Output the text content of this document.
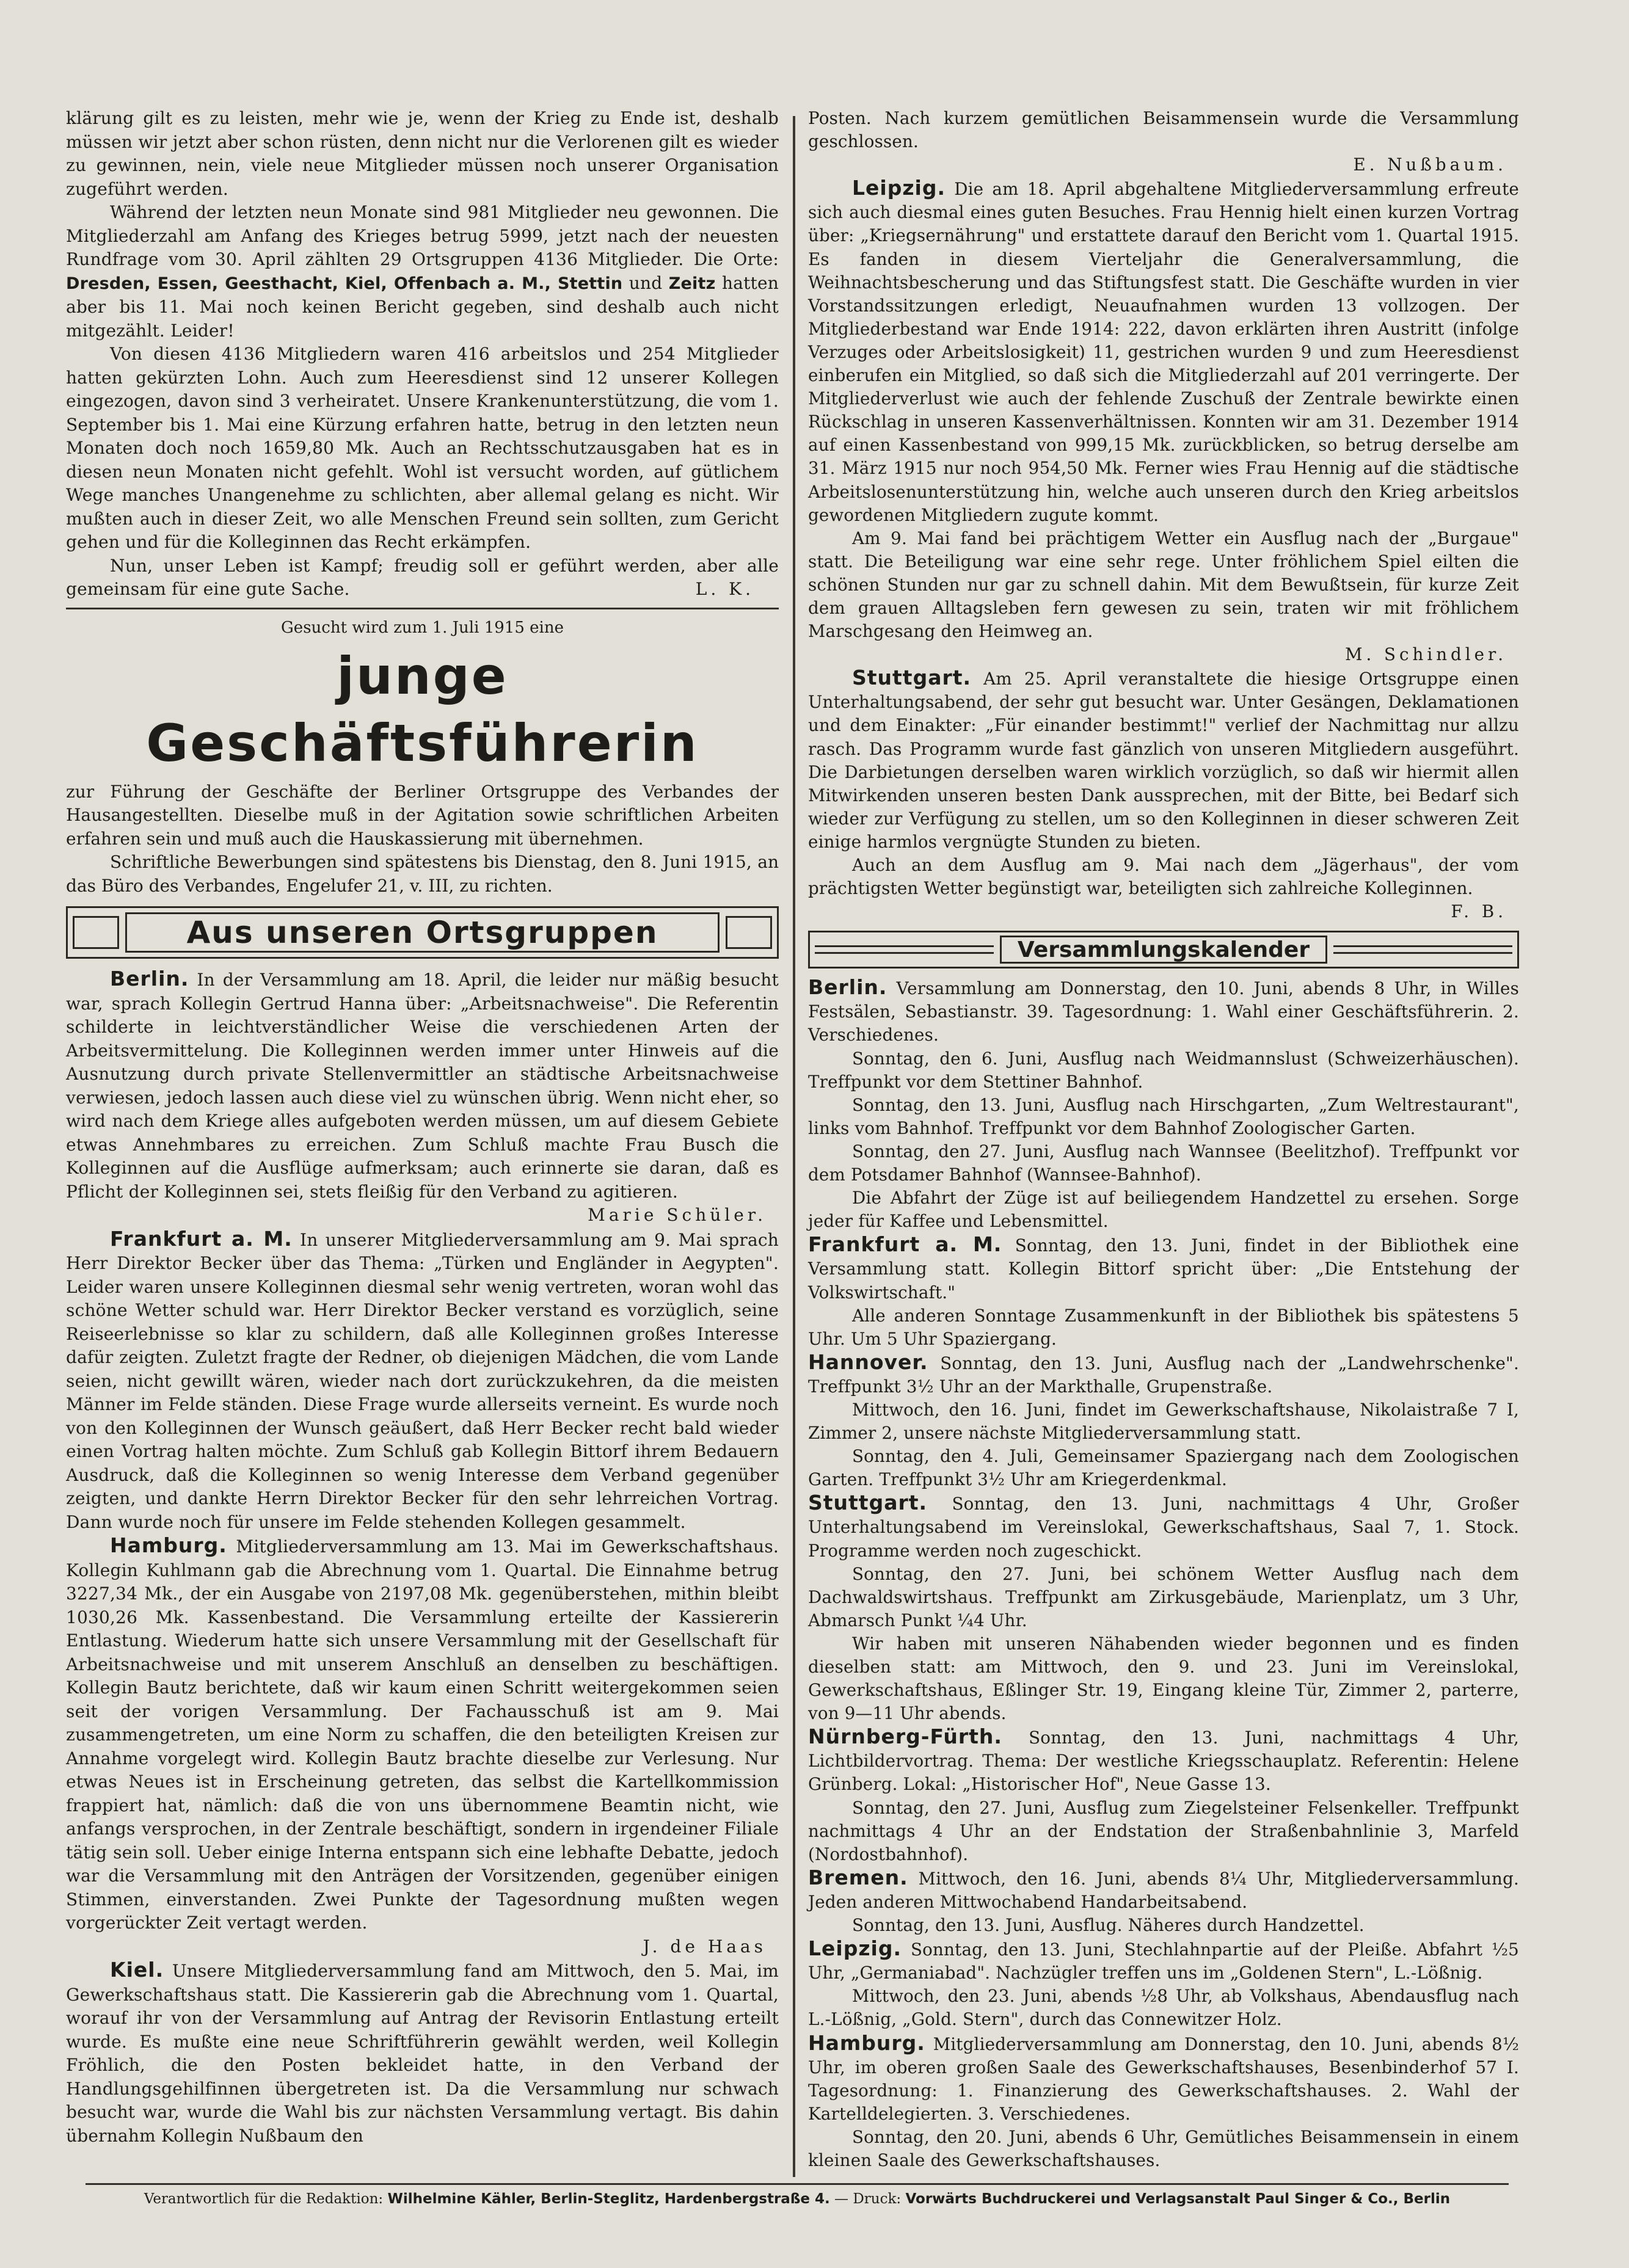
klärung gilt es zu leisten, mehr wie je, wenn der Krieg zu Ende ist, deshalb müssen wir jetzt aber schon rüsten, denn nicht nur die Verlorenen gilt es wieder zu gewinnen, nein, viele neue Mitglieder müssen noch unserer Organisation zugeführt werden.

Während der letzten neun Monate sind 981 Mitglieder neu gewonnen. Die Mitgliederzahl am Anfang des Krieges betrug 5999, jetzt nach der neuesten Rundfrage vom 30. April zählten 29 Ortsgruppen 4136 Mitglieder. Die Orte: Dresden, Essen, Geesthacht, Kiel, Offenbach a. M., Stettin und Zeitz hatten aber bis 11. Mai noch keinen Bericht gegeben, sind deshalb auch nicht mitgezählt. Leider!

Von diesen 4136 Mitgliedern waren 416 arbeitslos und 254 Mitglieder hatten gekürzten Lohn. Auch zum Heeresdienst sind 12 unserer Kollegen eingezogen, davon sind 3 verheiratet. Unsere Krankenunterstützung, die vom 1. September bis 1. Mai eine Kürzung erfahren hatte, betrug in den letzten neun Monaten doch noch 1659,80 Mk. Auch an Rechtsschutzausgaben hat es in diesen neun Monaten nicht gefehlt. Wohl ist versucht worden, auf gütlichem Wege manches Unangenehme zu schlichten, aber allemal gelang es nicht. Wir mußten auch in dieser Zeit, wo alle Menschen Freund sein sollten, zum Gericht gehen und für die Kolleginnen das Recht erkämpfen.

Nun, unser Leben ist Kampf; freudig soll er geführt werden, aber alle gemeinsam für eine gute Sache.	L. K.

Gesucht wird zum 1. Juli 1915 eine
junge Geschäftsführerin

zur Führung der Geschäfte der Berliner Ortsgruppe des Verbandes der Hausangestellten. Dieselbe muß in der Agitation sowie schriftlichen Arbeiten erfahren sein und muß auch die Hauskassierung mit übernehmen.

Schriftliche Bewerbungen sind spätestens bis Dienstag, den 8. Juni 1915, an das Büro des Verbandes, Engelufer 21, v. III, zu richten.

Aus unseren Ortsgruppen

Berlin. In der Versammlung am 18. April, die leider nur mäßig besucht war, sprach Kollegin Gertrud Hanna über: „Arbeitsnachweise". Die Referentin schilderte in leichtverständlicher Weise die verschiedenen Arten der Arbeitsvermittelung. Die Kolleginnen werden immer unter Hinweis auf die Ausnutzung durch private Stellenvermittler an städtische Arbeitsnachweise verwiesen, jedoch lassen auch diese viel zu wünschen übrig. Wenn nicht eher, so wird nach dem Kriege alles aufgeboten werden müssen, um auf diesem Gebiete etwas Annehmbares zu erreichen. Zum Schluß machte Frau Busch die Kolleginnen auf die Ausflüge aufmerksam; auch erinnerte sie daran, daß es Pflicht der Kolleginnen sei, stets fleißig für den Verband zu agitieren.

Marie Schüler.

Frankfurt a. M. In unserer Mitgliederversammlung am 9. Mai sprach Herr Direktor Becker über das Thema: „Türken und Engländer in Aegypten". Leider waren unsere Kolleginnen diesmal sehr wenig vertreten, woran wohl das schöne Wetter schuld war. Herr Direktor Becker verstand es vorzüglich, seine Reiseerlebnisse so klar zu schildern, daß alle Kolleginnen großes Interesse dafür zeigten. Zuletzt fragte der Redner, ob diejenigen Mädchen, die vom Lande seien, nicht gewillt wären, wieder nach dort zurückzukehren, da die meisten Männer im Felde ständen. Diese Frage wurde allerseits verneint. Es wurde noch von den Kolleginnen der Wunsch geäußert, daß Herr Becker recht bald wieder einen Vortrag halten möchte. Zum Schluß gab Kollegin Bittorf ihrem Bedauern Ausdruck, daß die Kolleginnen so wenig Interesse dem Verband gegenüber zeigten, und dankte Herrn Direktor Becker für den sehr lehrreichen Vortrag. Dann wurde noch für unsere im Felde stehenden Kollegen gesammelt.

Hamburg. Mitgliederversammlung am 13. Mai im Gewerkschaftshaus. Kollegin Kuhlmann gab die Abrechnung vom 1. Quartal. Die Einnahme betrug 3227,34 Mk., der ein Ausgabe von 2197,08 Mk. gegenüberstehen, mithin bleibt 1030,26 Mk. Kassenbestand. Die Versammlung erteilte der Kassiererin Entlastung. Wiederum hatte sich unsere Versammlung mit der Gesellschaft für Arbeitsnachweise und mit unserem Anschluß an denselben zu beschäftigen. Kollegin Bautz berichtete, daß wir kaum einen Schritt weitergekommen seien seit der vorigen Versammlung. Der Fachausschuß ist am 9. Mai zusammengetreten, um eine Norm zu schaffen, die den beteiligten Kreisen zur Annahme vorgelegt wird. Kollegin Bautz brachte dieselbe zur Verlesung. Nur etwas Neues ist in Erscheinung getreten, das selbst die Kartellkommission frappiert hat, nämlich: daß die von uns übernommene Beamtin nicht, wie anfangs versprochen, in der Zentrale beschäftigt, sondern in irgendeiner Filiale tätig sein soll. Ueber einige Interna entspann sich eine lebhafte Debatte, jedoch war die Versammlung mit den Anträgen der Vorsitzenden, gegenüber einigen Stimmen, einverstanden. Zwei Punkte der Tagesordnung mußten wegen vorgerückter Zeit vertagt werden.

J. de Haas

Kiel. Unsere Mitgliederversammlung fand am Mittwoch, den 5. Mai, im Gewerkschaftshaus statt. Die Kassiererin gab die Abrechnung vom 1. Quartal, worauf ihr von der Versammlung auf Antrag der Revisorin Entlastung erteilt wurde. Es mußte eine neue Schriftführerin gewählt werden, weil Kollegin Fröhlich, die den Posten bekleidet hatte, in den Verband der Handlungsgehilfinnen übergetreten ist. Da die Versammlung nur schwach besucht war, wurde die Wahl bis zur nächsten Versammlung vertagt. Bis dahin übernahm Kollegin Nußbaum den

Posten. Nach kurzem gemütlichen Beisammensein wurde die Versammlung geschlossen.

E. Nußbaum.

Leipzig. Die am 18. April abgehaltene Mitgliederversammlung erfreute sich auch diesmal eines guten Besuches. Frau Hennig hielt einen kurzen Vortrag über: „Kriegsernährung" und erstattete darauf den Bericht vom 1. Quartal 1915. Es fanden in diesem Vierteljahr die Generalversammlung, die Weihnachtsbescherung und das Stiftungsfest statt. Die Geschäfte wurden in vier Vorstandssitzungen erledigt, Neuaufnahmen wurden 13 vollzogen. Der Mitgliederbestand war Ende 1914: 222, davon erklärten ihren Austritt (infolge Verzuges oder Arbeitslosigkeit) 11, gestrichen wurden 9 und zum Heeresdienst einberufen ein Mitglied, so daß sich die Mitgliederzahl auf 201 verringerte. Der Mitgliederverlust wie auch der fehlende Zuschuß der Zentrale bewirkte einen Rückschlag in unseren Kassenverhältnissen. Konnten wir am 31. Dezember 1914 auf einen Kassenbestand von 999,15 Mk. zurückblicken, so betrug derselbe am 31. März 1915 nur noch 954,50 Mk. Ferner wies Frau Hennig auf die städtische Arbeitslosenunterstützung hin, welche auch unseren durch den Krieg arbeitslos gewordenen Mitgliedern zugute kommt.

Am 9. Mai fand bei prächtigem Wetter ein Ausflug nach der „Burgaue" statt. Die Beteiligung war eine sehr rege. Unter fröhlichem Spiel eilten die schönen Stunden nur gar zu schnell dahin. Mit dem Bewußtsein, für kurze Zeit dem grauen Alltagsleben fern gewesen zu sein, traten wir mit fröhlichem Marschgesang den Heimweg an.

M. Schindler.

Stuttgart. Am 25. April veranstaltete die hiesige Ortsgruppe einen Unterhaltungsabend, der sehr gut besucht war. Unter Gesängen, Deklamationen und dem Einakter: „Für einander bestimmt!" verlief der Nachmittag nur allzu rasch. Das Programm wurde fast gänzlich von unseren Mitgliedern ausgeführt. Die Darbietungen derselben waren wirklich vorzüglich, so daß wir hiermit allen Mitwirkenden unseren besten Dank aussprechen, mit der Bitte, bei Bedarf sich wieder zur Verfügung zu stellen, um so den Kolleginnen in dieser schweren Zeit einige harmlos vergnügte Stunden zu bieten.

Auch an dem Ausflug am 9. Mai nach dem „Jägerhaus", der vom prächtigsten Wetter begünstigt war, beteiligten sich zahlreiche Kolleginnen.

F. B.

Versammlungskalender

Berlin. Versammlung am Donnerstag, den 10. Juni, abends 8 Uhr, in Willes Festsälen, Sebastianstr. 39. Tagesordnung: 1. Wahl einer Geschäftsführerin. 2. Verschiedenes.

Sonntag, den 6. Juni, Ausflug nach Weidmannslust (Schweizerhäuschen). Treffpunkt vor dem Stettiner Bahnhof.

Sonntag, den 13. Juni, Ausflug nach Hirschgarten, „Zum Weltrestaurant", links vom Bahnhof. Treffpunkt vor dem Bahnhof Zoologischer Garten.

Sonntag, den 27. Juni, Ausflug nach Wannsee (Beelitzhof). Treffpunkt vor dem Potsdamer Bahnhof (Wannsee-Bahnhof).

Die Abfahrt der Züge ist auf beiliegendem Handzettel zu ersehen. Sorge jeder für Kaffee und Lebensmittel.

Frankfurt a. M. Sonntag, den 13. Juni, findet in der Bibliothek eine Versammlung statt. Kollegin Bittorf spricht über: „Die Entstehung der Volkswirtschaft."

Alle anderen Sonntage Zusammenkunft in der Bibliothek bis spätestens 5 Uhr. Um 5 Uhr Spaziergang.

Hannover. Sonntag, den 13. Juni, Ausflug nach der „Landwehrschenke". Treffpunkt 3½ Uhr an der Markthalle, Grupenstraße.

Mittwoch, den 16. Juni, findet im Gewerkschaftshause, Nikolaistraße 7 I, Zimmer 2, unsere nächste Mitgliederversammlung statt.

Sonntag, den 4. Juli, Gemeinsamer Spaziergang nach dem Zoologischen Garten. Treffpunkt 3½ Uhr am Kriegerdenkmal.

Stuttgart. Sonntag, den 13. Juni, nachmittags 4 Uhr, Großer Unterhaltungsabend im Vereinslokal, Gewerkschaftshaus, Saal 7, 1. Stock. Programme werden noch zugeschickt.

Sonntag, den 27. Juni, bei schönem Wetter Ausflug nach dem Dachwaldswirtshaus. Treffpunkt am Zirkusgebäude, Marienplatz, um 3 Uhr, Abmarsch Punkt ¼4 Uhr.

Wir haben mit unseren Nähabenden wieder begonnen und es finden dieselben statt: am Mittwoch, den 9. und 23. Juni im Vereinslokal, Gewerkschaftshaus, Eßlinger Str. 19, Eingang kleine Tür, Zimmer 2, parterre, von 9—11 Uhr abends.

Nürnberg-Fürth. Sonntag, den 13. Juni, nachmittags 4 Uhr, Lichtbildervortrag. Thema: Der westliche Kriegsschauplatz. Referentin: Helene Grünberg. Lokal: „Historischer Hof", Neue Gasse 13.

Sonntag, den 27. Juni, Ausflug zum Ziegelsteiner Felsenkeller. Treffpunkt nachmittags 4 Uhr an der Endstation der Straßenbahnlinie 3, Marfeld (Nordostbahnhof).

Bremen. Mittwoch, den 16. Juni, abends 8¼ Uhr, Mitgliederversammlung. Jeden anderen Mittwochabend Handarbeitsabend.

Sonntag, den 13. Juni, Ausflug. Näheres durch Handzettel.

Leipzig. Sonntag, den 13. Juni, Stechlahnpartie auf der Pleiße. Abfahrt ½5 Uhr, „Germaniabad". Nachzügler treffen uns im „Goldenen Stern", L.-Lößnig.

Mittwoch, den 23. Juni, abends ½8 Uhr, ab Volkshaus, Abendausflug nach L.-Lößnig, „Gold. Stern", durch das Connewitzer Holz.

Hamburg. Mitgliederversammlung am Donnerstag, den 10. Juni, abends 8½ Uhr, im oberen großen Saale des Gewerkschaftshauses, Besenbinderhof 57 I. Tagesordnung: 1. Finanzierung des Gewerkschaftshauses. 2. Wahl der Kartelldelegierten. 3. Verschiedenes.

Sonntag, den 20. Juni, abends 6 Uhr, Gemütliches Beisammensein in einem kleinen Saale des Gewerkschaftshauses.

Verantwortlich für die Redaktion: Wilhelmine Kähler, Berlin-Steglitz, Hardenbergstraße 4. — Druck: Vorwärts Buchdruckerei und Verlagsanstalt Paul Singer & Co., Berlin
